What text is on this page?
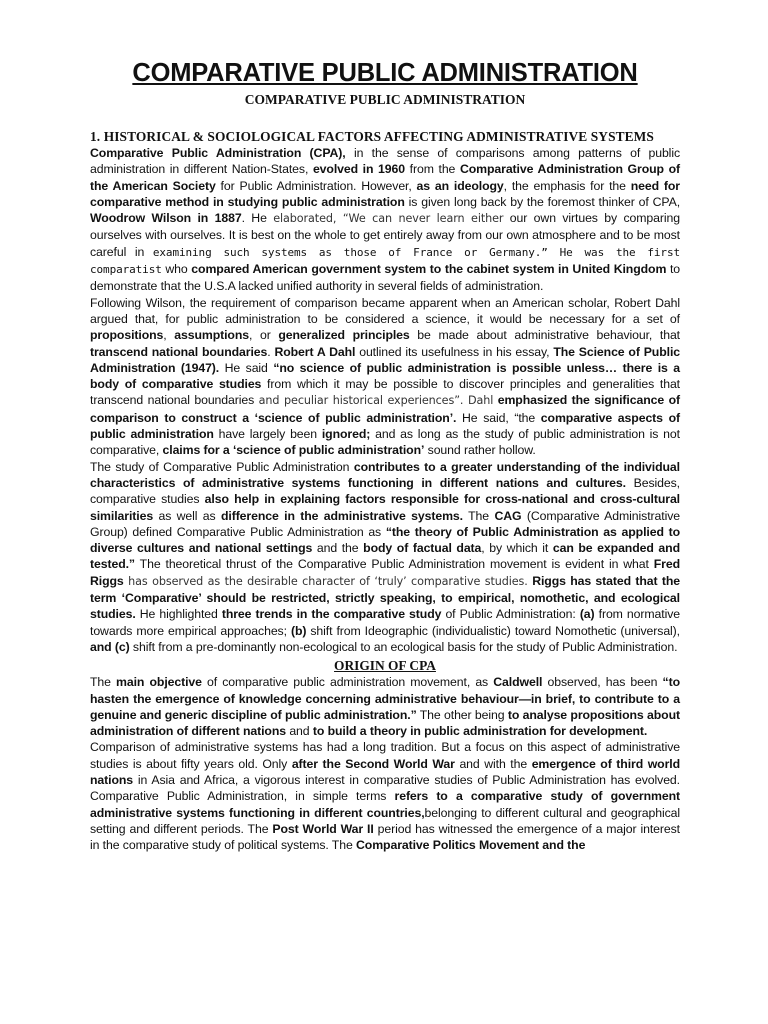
COMPARATIVE PUBLIC ADMINISTRATION
COMPARATIVE PUBLIC ADMINISTRATION
1. HISTORICAL & SOCIOLOGICAL FACTORS AFFECTING ADMINISTRATIVE SYSTEMS

Comparative Public Administration (CPA), in the sense of comparisons among patterns of public administration in different Nation-States, evolved in 1960 from the Comparative Administration Group of the American Society for Public Administration. However, as an ideology, the emphasis for the need for comparative method in studying public administration is given long back by the foremost thinker of CPA, Woodrow Wilson in 1887. He elaborated, “We can never learn either our own virtues by comparing ourselves with ourselves. It is best on the whole to get entirely away from our own atmosphere and to be most careful in examining such systems as those of France or Germany.” He was the first comparatist who compared American government system to the cabinet system in United Kingdom to demonstrate that the U.S.A lacked unified authority in several fields of administration.

Following Wilson, the requirement of comparison became apparent when an American scholar, Robert Dahl argued that, for public administration to be considered a science, it would be necessary for a set of propositions, assumptions, or generalized principles be made about administrative behaviour, that transcend national boundaries. Robert A Dahl outlined its usefulness in his essay, The Science of Public Administration (1947). He said “no science of public administration is possible unless… there is a body of comparative studies from which it may be possible to discover principles and generalities that transcend national boundaries and peculiar historical experiences”. Dahl emphasized the significance of comparison to construct a ‘science of public administration’. He said, “the comparative aspects of public administration have largely been ignored; and as long as the study of public administration is not comparative, claims for a ‘science of public administration’ sound rather hollow.

The study of Comparative Public Administration contributes to a greater understanding of the individual characteristics of administrative systems functioning in different nations and cultures. Besides, comparative studies also help in explaining factors responsible for cross-national and cross-cultural similarities as well as difference in the administrative systems. The CAG (Comparative Administrative Group) defined Comparative Public Administration as “the theory of Public Administration as applied to diverse cultures and national settings and the body of factual data, by which it can be expanded and tested.” The theoretical thrust of the Comparative Public Administration movement is evident in what Fred Riggs has observed as the desirable character of ‘truly’ comparative studies. Riggs has stated that the term ‘Comparative’ should be restricted, strictly speaking, to empirical, nomothetic, and ecological studies. He highlighted three trends in the comparative study of Public Administration: (a) from normative towards more empirical approaches; (b) shift from Ideographic (individualistic) toward Nomothetic (universal), and (c) shift from a pre-dominantly non-ecological to an ecological basis for the study of Public Administration.

ORIGIN OF CPA

The main objective of comparative public administration movement, as Caldwell observed, has been “to hasten the emergence of knowledge concerning administrative behaviour—in brief, to contribute to a genuine and generic discipline of public administration.” The other being to analyse propositions about administration of different nations and to build a theory in public administration for development.

Comparison of administrative systems has had a long tradition. But a focus on this aspect of administrative studies is about fifty years old. Only after the Second World War and with the emergence of third world nations in Asia and Africa, a vigorous interest in comparative studies of Public Administration has evolved. Comparative Public Administration, in simple terms refers to a comparative study of government administrative systems functioning in different countries,belonging to different cultural and geographical setting and different periods. The Post World War II period has witnessed the emergence of a major interest in the comparative study of political systems. The Comparative Politics Movement and the
